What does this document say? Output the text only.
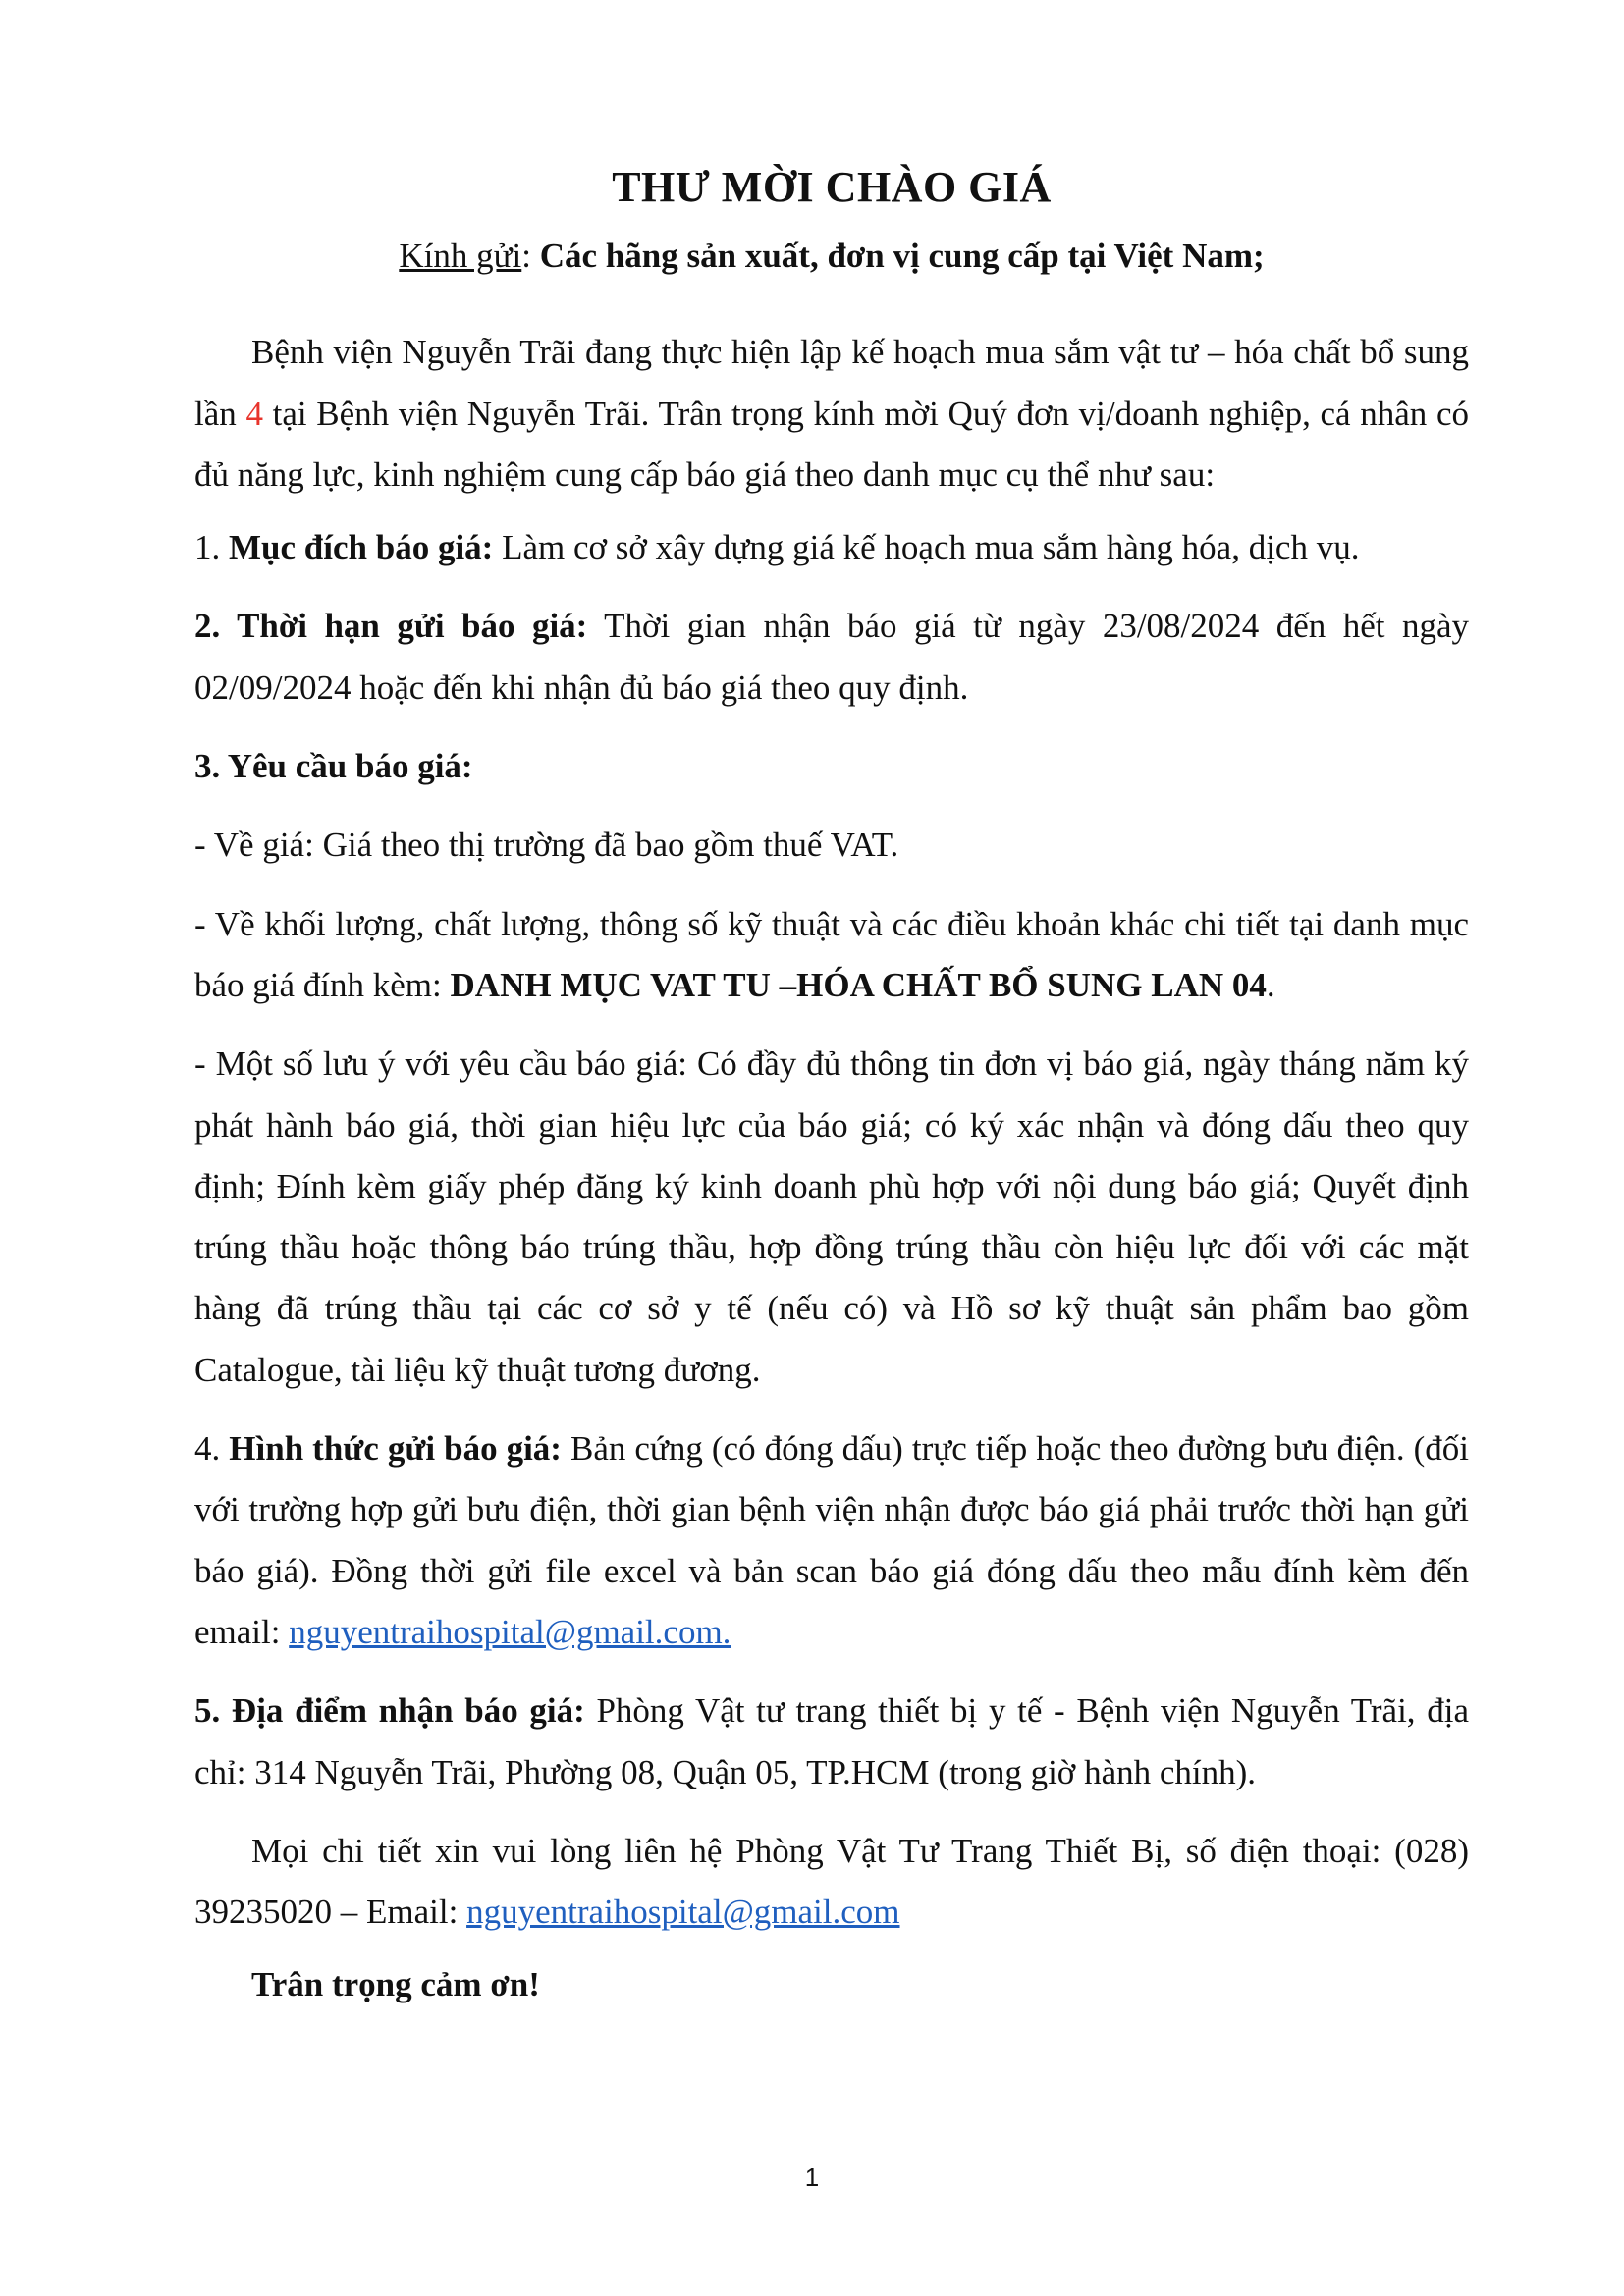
THƯ MỜI CHÀO GIÁ
Kính gửi: Các hãng sản xuất, đơn vị cung cấp tại Việt Nam;

Bệnh viện Nguyễn Trãi đang thực hiện lập kế hoạch mua sắm vật tư – hóa chất bổ sung lần 4 tại Bệnh viện Nguyễn Trãi. Trân trọng kính mời Quý đơn vị/doanh nghiệp, cá nhân có đủ năng lực, kinh nghiệm cung cấp báo giá theo danh mục cụ thể như sau:

1. Mục đích báo giá: Làm cơ sở xây dựng giá kế hoạch mua sắm hàng hóa, dịch vụ.

2. Thời hạn gửi báo giá: Thời gian nhận báo giá từ ngày 23/08/2024 đến hết ngày 02/09/2024 hoặc đến khi nhận đủ báo giá theo quy định.

3. Yêu cầu báo giá:

- Về giá: Giá theo thị trường đã bao gồm thuế VAT.

- Về khối lượng, chất lượng, thông số kỹ thuật và các điều khoản khác chi tiết tại danh mục báo giá đính kèm: DANH MỤC VAT TU –HÓA CHẤT BỔ SUNG LAN 04.

- Một số lưu ý với yêu cầu báo giá: Có đầy đủ thông tin đơn vị báo giá, ngày tháng năm ký phát hành báo giá, thời gian hiệu lực của báo giá; có ký xác nhận và đóng dấu theo quy định; Đính kèm giấy phép đăng ký kinh doanh phù hợp với nội dung báo giá; Quyết định trúng thầu hoặc thông báo trúng thầu, hợp đồng trúng thầu còn hiệu lực đối với các mặt hàng đã trúng thầu tại các cơ sở y tế (nếu có) và Hồ sơ kỹ thuật sản phẩm bao gồm Catalogue, tài liệu kỹ thuật tương đương.

4. Hình thức gửi báo giá: Bản cứng (có đóng dấu) trực tiếp hoặc theo đường bưu điện. (đối với trường hợp gửi bưu điện, thời gian bệnh viện nhận được báo giá phải trước thời hạn gửi báo giá). Đồng thời gửi file excel và bản scan báo giá đóng dấu theo mẫu đính kèm đến email: nguyentraihospital@gmail.com.

5. Địa điểm nhận báo giá: Phòng Vật tư trang thiết bị y tế - Bệnh viện Nguyễn Trãi, địa chỉ: 314 Nguyễn Trãi, Phường 08, Quận 05, TP.HCM (trong giờ hành chính).

Mọi chi tiết xin vui lòng liên hệ Phòng Vật Tư Trang Thiết Bị, số điện thoại: (028) 39235020 – Email: nguyentraihospital@gmail.com

Trân trọng cảm ơn!
1
